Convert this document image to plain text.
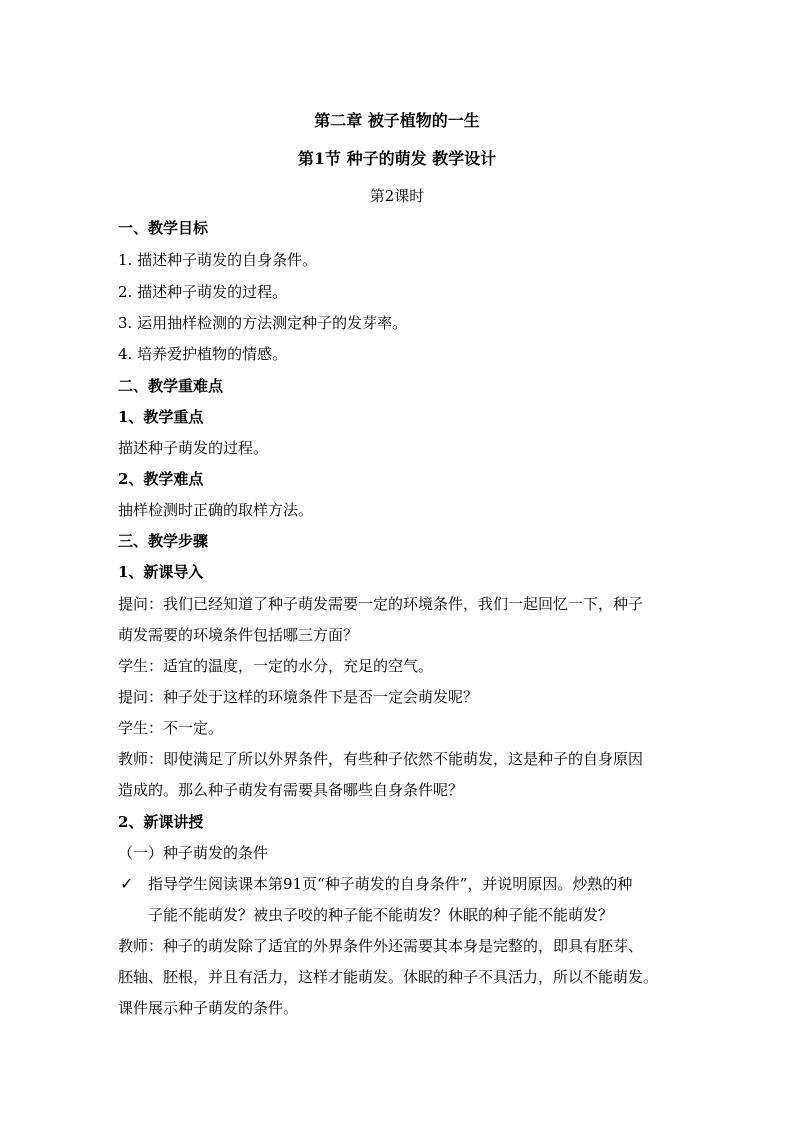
第二章 被子植物的一生
第1节 种子的萌发 教学设计
第2课时
一、教学目标
1. 描述种子萌发的自身条件。
2. 描述种子萌发的过程。
3. 运用抽样检测的方法测定种子的发芽率。
4. 培养爱护植物的情感。
二、教学重难点
1、教学重点
描述种子萌发的过程。
2、教学难点
抽样检测时正确的取样方法。
三、教学步骤
1、新课导入
提问：我们已经知道了种子萌发需要一定的环境条件，我们一起回忆一下，种子
萌发需要的环境条件包括哪三方面？
学生：适宜的温度，一定的水分，充足的空气。
提问：种子处于这样的环境条件下是否一定会萌发呢？
学生：不一定。
教师：即使满足了所以外界条件，有些种子依然不能萌发，这是种子的自身原因
造成的。那么种子萌发有需要具备哪些自身条件呢？
2、新课讲授
（一）种子萌发的条件
✓ 指导学生阅读课本第91页“种子萌发的自身条件”，并说明原因。炒熟的种
子能不能萌发？被虫子咬的种子能不能萌发？休眠的种子能不能萌发？
教师：种子的萌发除了适宜的外界条件外还需要其本身是完整的，即具有胚芽、
胚轴、胚根，并且有活力，这样才能萌发。休眠的种子不具活力，所以不能萌发。
课件展示种子萌发的条件。
